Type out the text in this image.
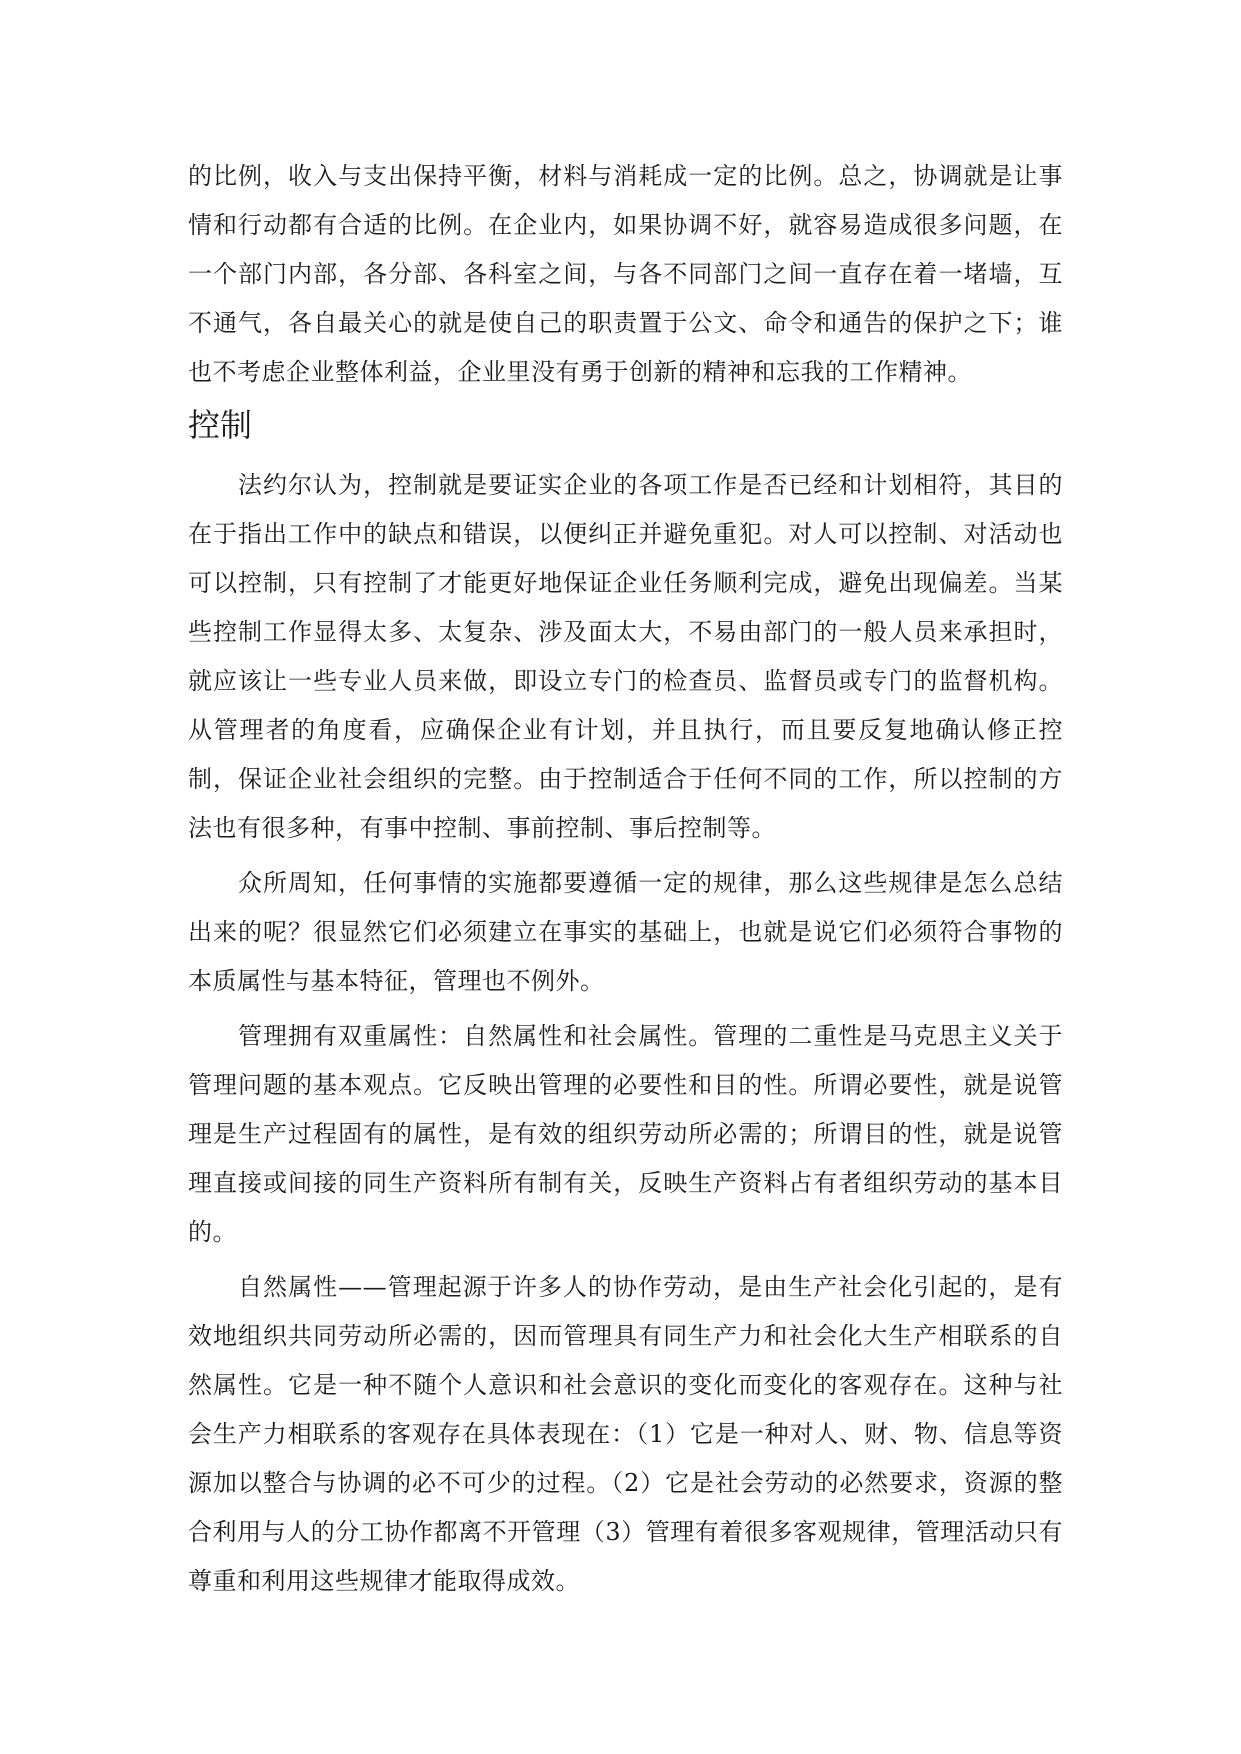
的比例，收入与支出保持平衡，材料与消耗成一定的比例。总之，协调就是让事情和行动都有合适的比例。在企业内，如果协调不好，就容易造成很多问题，在一个部门内部，各分部、各科室之间，与各不同部门之间一直存在着一堵墙，互不通气，各自最关心的就是使自己的职责置于公文、命令和通告的保护之下；谁也不考虑企业整体利益，企业里没有勇于创新的精神和忘我的工作精神。

控制

法约尔认为，控制就是要证实企业的各项工作是否已经和计划相符，其目的在于指出工作中的缺点和错误，以便纠正并避免重犯。对人可以控制、对活动也可以控制，只有控制了才能更好地保证企业任务顺利完成，避免出现偏差。当某些控制工作显得太多、太复杂、涉及面太大，不易由部门的一般人员来承担时，就应该让一些专业人员来做，即设立专门的检查员、监督员或专门的监督机构。从管理者的角度看，应确保企业有计划，并且执行，而且要反复地确认修正控制，保证企业社会组织的完整。由于控制适合于任何不同的工作，所以控制的方法也有很多种，有事中控制、事前控制、事后控制等。

众所周知，任何事情的实施都要遵循一定的规律，那么这些规律是怎么总结出来的呢？很显然它们必须建立在事实的基础上，也就是说它们必须符合事物的本质属性与基本特征，管理也不例外。

管理拥有双重属性：自然属性和社会属性。管理的二重性是马克思主义关于管理问题的基本观点。它反映出管理的必要性和目的性。所谓必要性，就是说管理是生产过程固有的属性，是有效的组织劳动所必需的；所谓目的性，就是说管理直接或间接的同生产资料所有制有关，反映生产资料占有者组织劳动的基本目的。

自然属性——管理起源于许多人的协作劳动，是由生产社会化引起的，是有效地组织共同劳动所必需的，因而管理具有同生产力和社会化大生产相联系的自然属性。它是一种不随个人意识和社会意识的变化而变化的客观存在。这种与社会生产力相联系的客观存在具体表现在：（1）它是一种对人、财、物、信息等资源加以整合与协调的必不可少的过程。（2）它是社会劳动的必然要求，资源的整合利用与人的分工协作都离不开管理（3）管理有着很多客观规律，管理活动只有尊重和利用这些规律才能取得成效。
